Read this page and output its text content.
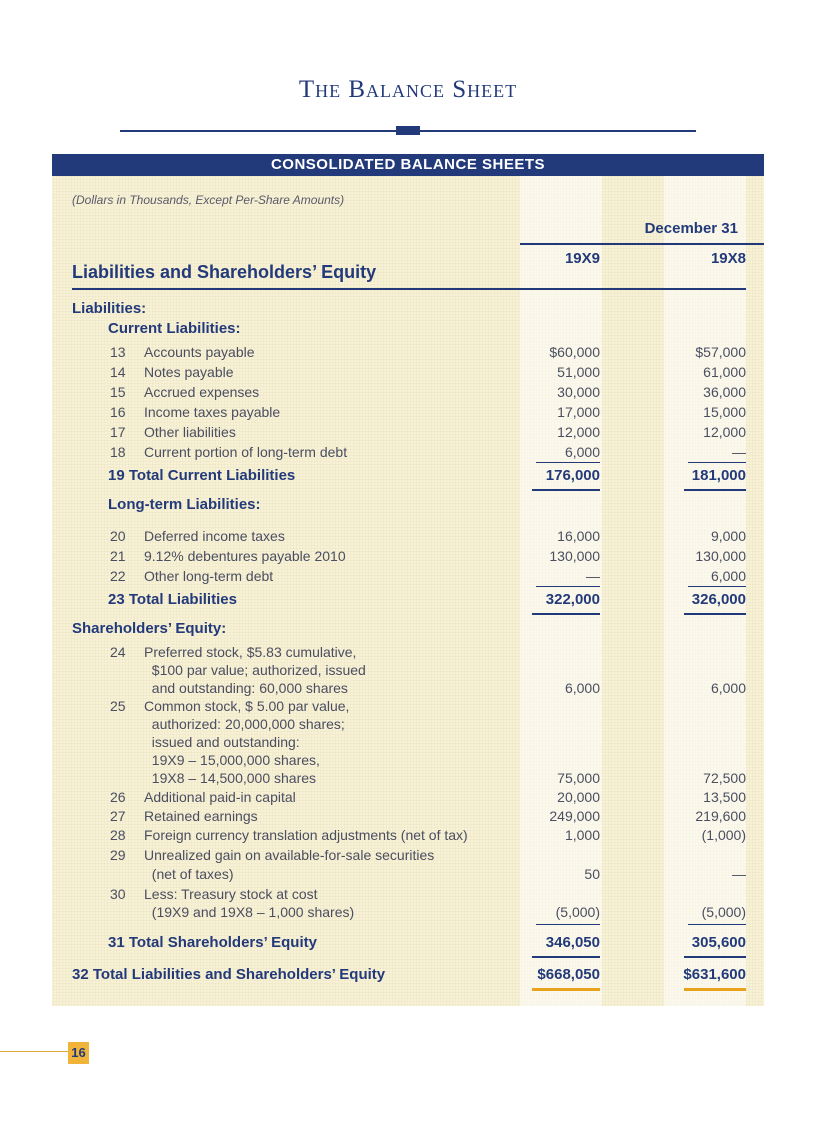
The Balance Sheet
CONSOLIDATED BALANCE SHEETS
(Dollars in Thousands, Except Per-Share Amounts)
December 31
19X9	19X8
Liabilities and Shareholders’ Equity
Liabilities:
Current Liabilities:
13	Accounts payable	$60,000	$57,000
14	Notes payable	51,000	61,000
15	Accrued expenses	30,000	36,000
16	Income taxes payable	17,000	15,000
17	Other liabilities	12,000	12,000
18	Current portion of long-term debt	6,000	—
19 Total Current Liabilities	176,000	181,000
Long-term Liabilities:
20	Deferred income taxes	16,000	9,000
21	9.12% debentures payable 2010	130,000	130,000
22	Other long-term debt	—	6,000
23 Total Liabilities	322,000	326,000
Shareholders’ Equity:
24	Preferred stock, $5.83 cumulative,
$100 par value; authorized, issued
and outstanding: 60,000 shares	6,000	6,000
25	Common stock, $ 5.00 par value,
authorized: 20,000,000 shares;
issued and outstanding:
19X9 – 15,000,000 shares,
19X8 – 14,500,000 shares	75,000	72,500
26	Additional paid-in capital	20,000	13,500
27	Retained earnings	249,000	219,600
28	Foreign currency translation adjustments (net of tax)	1,000	(1,000)
29	Unrealized gain on available-for-sale securities
(net of taxes)	50	—
30	Less: Treasury stock at cost
(19X9 and 19X8 – 1,000 shares)	(5,000)	(5,000)
31 Total Shareholders’ Equity	346,050	305,600
32 Total Liabilities and Shareholders’ Equity	$668,050	$631,600
16
